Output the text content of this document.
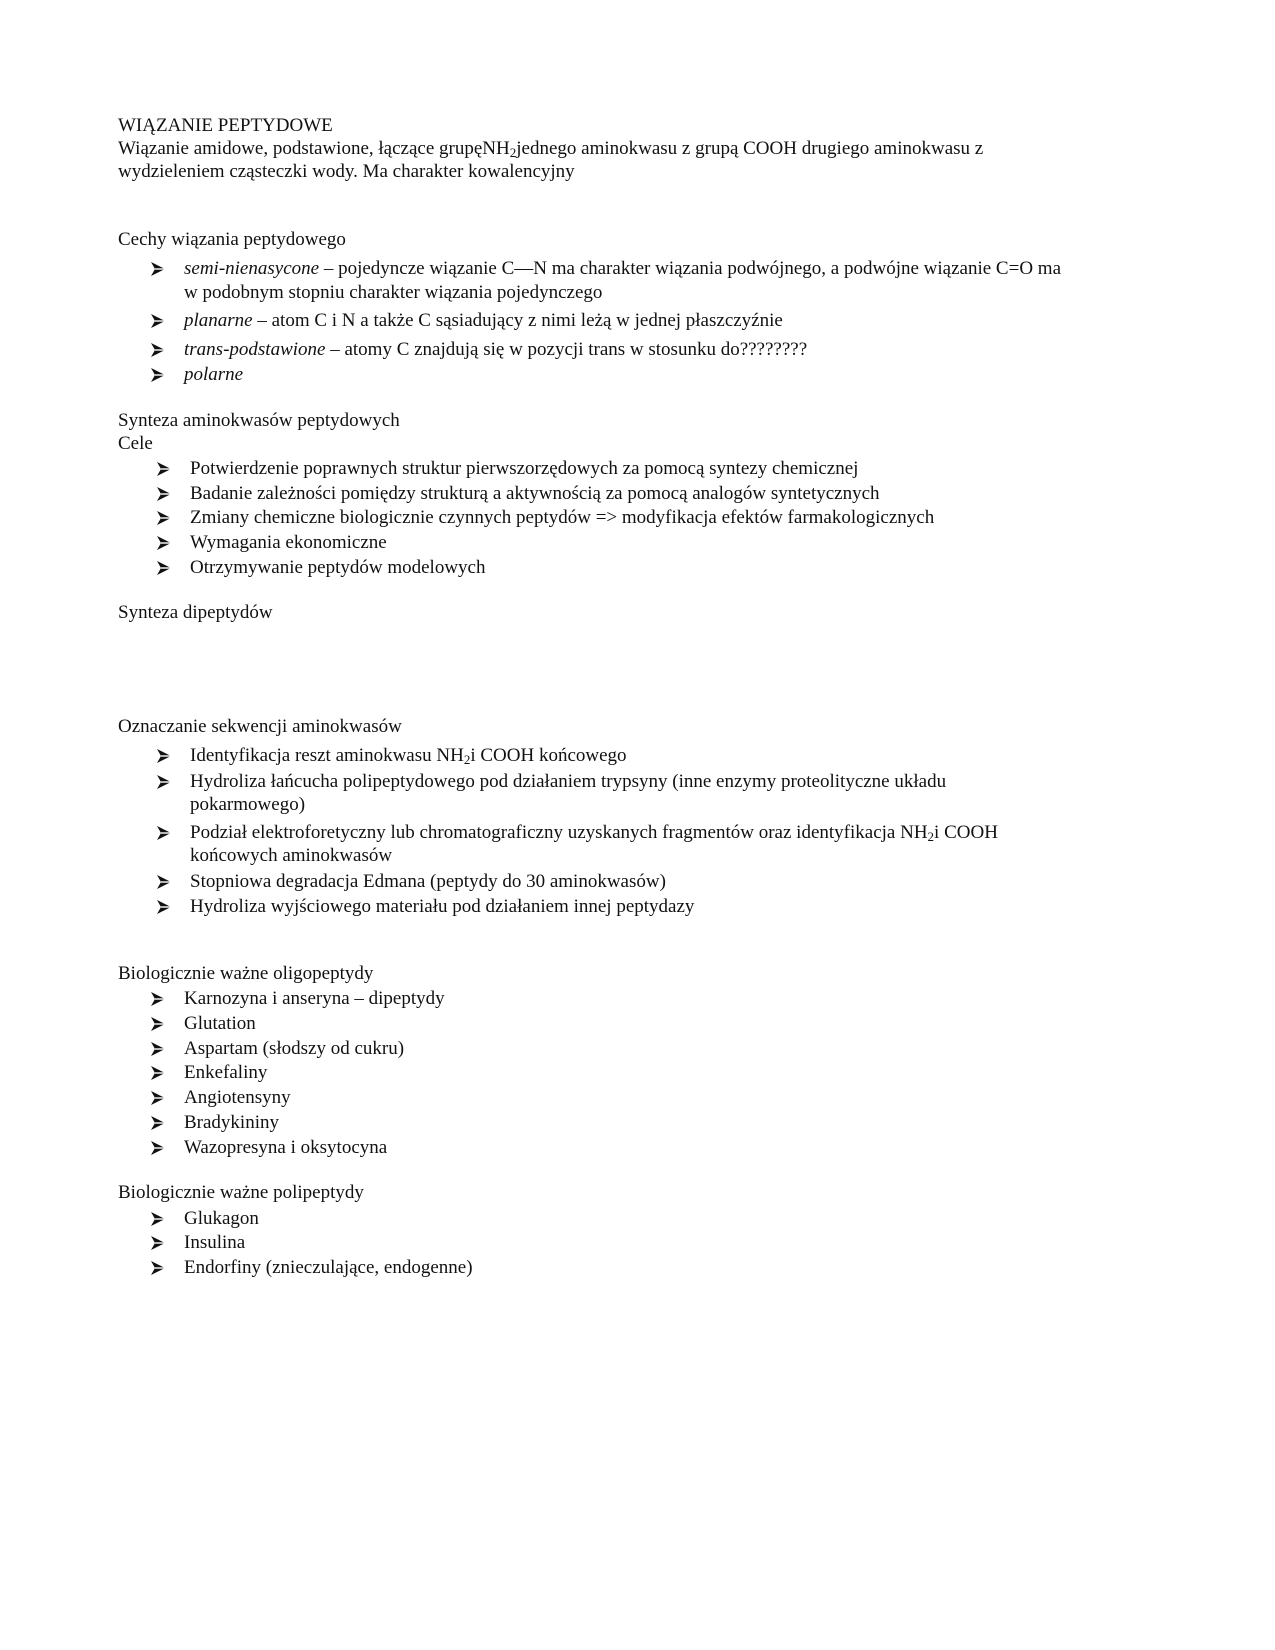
WIĄZANIE PEPTYDOWE
Wiązanie amidowe, podstawione, łączące grupęNH$_2$jednego aminokwasu z grupą COOH drugiego aminokwasu z
wydzieleniem cząsteczki wody. Ma charakter kowalencyjny
Cechy wiązania peptydowego
semi-nienasycone – pojedyncze wiązanie C—N ma charakter wiązania podwójnego, a podwójne wiązanie C=O ma
w podobnym stopniu charakter wiązania pojedynczego
planarne – atom C i N a także C sąsiadujący z nimi leżą w jednej płaszczyźnie
trans-podstawione – atomy C znajdują się w pozycji trans w stosunku do????????
polarne
Synteza aminokwasów peptydowych
Cele
Potwierdzenie poprawnych struktur pierwszorzędowych za pomocą syntezy chemicznej
Badanie zależności pomiędzy strukturą a aktywnością za pomocą analogów syntetycznych
Zmiany chemiczne biologicznie czynnych peptydów => modyfikacja efektów farmakologicznych
Wymagania ekonomiczne
Otrzymywanie peptydów modelowych
Synteza dipeptydów
Oznaczanie sekwencji aminokwasów
Identyfikacja reszt aminokwasu $NH_2i$ COOH końcowego
Hydroliza łańcucha polipeptydowego pod działaniem trypsyny (inne enzymy proteolityczne układu
pokarmowego)
Podział elektroforetyczny lub chromatograficzny uzyskanych fragmentów oraz identyfikacja $NH_2i$ COOH
końcowych aminokwasów
Stopniowa degradacja Edmana (peptydy do 30 aminokwasów)
Hydroliza wyjściowego materiału pod działaniem innej peptydazy
Biologicznie ważne oligopeptydy
Karnozyna i anseryna – dipeptydy
Glutation
Aspartam (słodszy od cukru)
Enkefaliny
Angiotensyny
Bradykininy
Wazopresyna i oksytocyna
Biologicznie ważne polipeptydy
Glukagon
Insulina
Endorfiny (znieczulające, endogenne)
